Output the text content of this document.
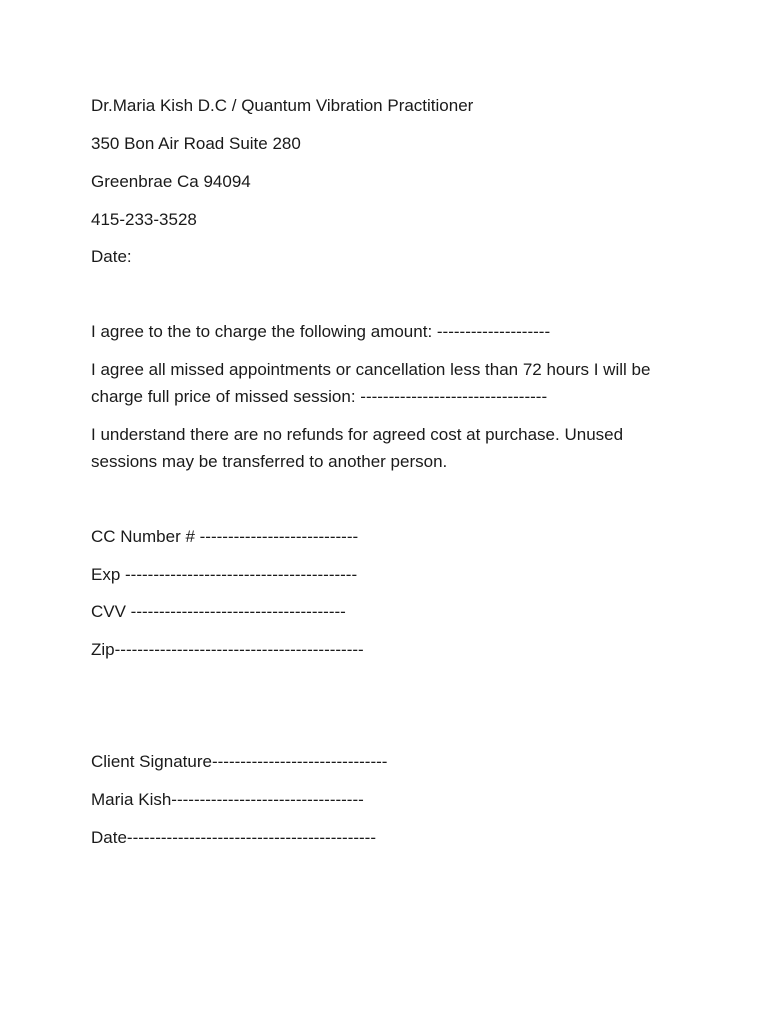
Dr.Maria Kish D.C / Quantum Vibration Practitioner

350 Bon Air Road Suite 280

Greenbrae Ca 94094

415-233-3528

Date:

I agree to the to charge the following amount: --------------------

I agree all missed appointments or cancellation less than 72 hours I will be charge full price of missed session: ---------------------------------

I understand there are no refunds for agreed cost at purchase. Unused sessions may be transferred to another person.

CC Number # ----------------------------

Exp -----------------------------------------

CVV --------------------------------------

Zip--------------------------------------------

Client Signature-------------------------------

Maria Kish----------------------------------

Date--------------------------------------------
